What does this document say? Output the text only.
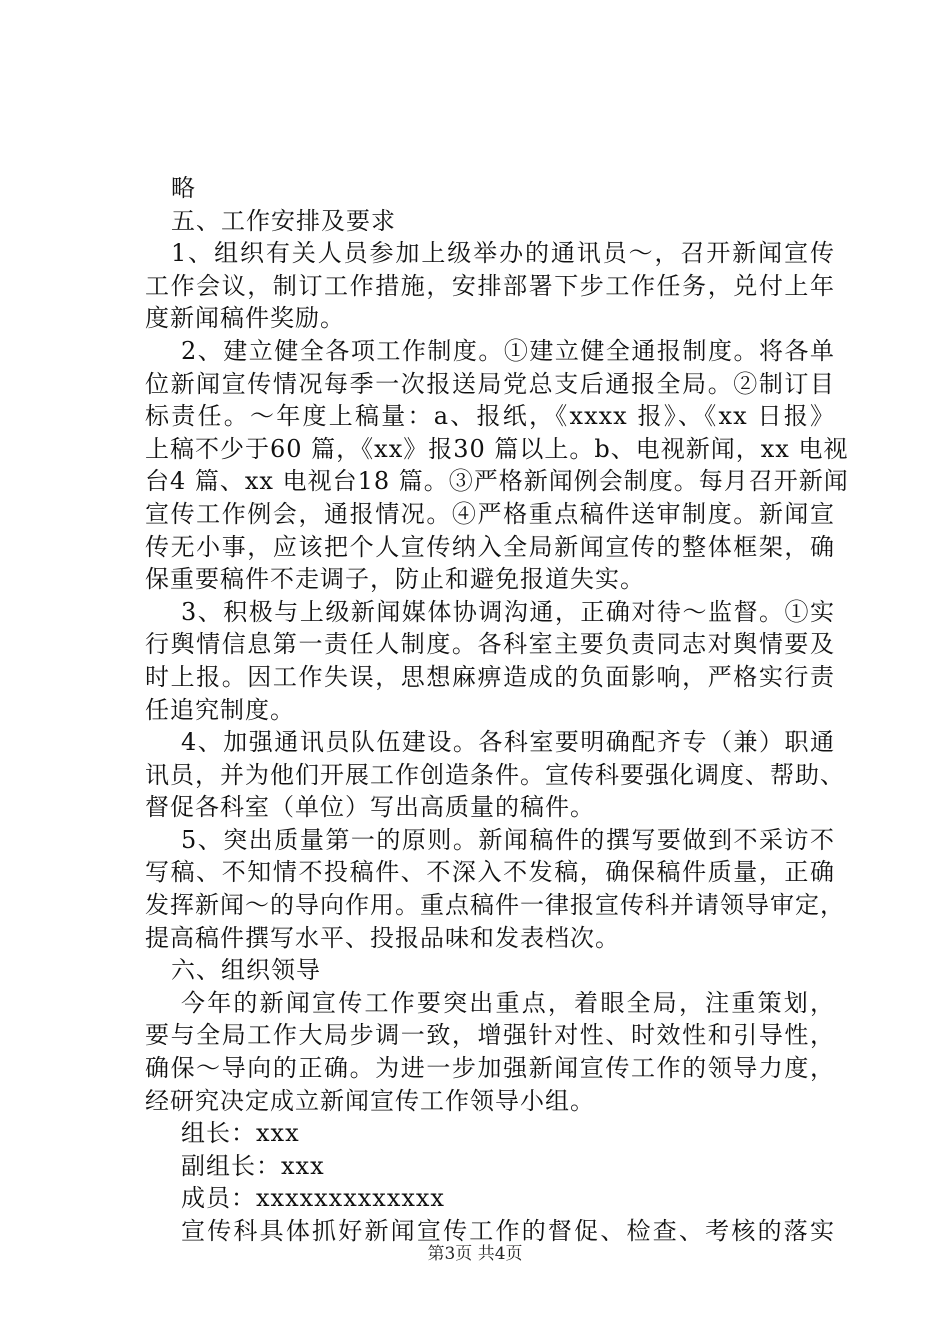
略
五、工作安排及要求
1、组织有关人员参加上级举办的通讯员～，召开新闻宣传
工作会议，制订工作措施，安排部署下步工作任务，兑付上年
度新闻稿件奖励。
2、建立健全各项工作制度。①建立健全通报制度。将各单
位新闻宣传情况每季一次报送局党总支后通报全局。②制订目
标责任。～年度上稿量：a、报纸，《xxxx 报》、《xx 日报》
上稿不少于60 篇，《xx》报30 篇以上。b、电视新闻，xx 电视
台4 篇、xx 电视台18 篇。③严格新闻例会制度。每月召开新闻
宣传工作例会，通报情况。④严格重点稿件送审制度。新闻宣
传无小事，应该把个人宣传纳入全局新闻宣传的整体框架，确
保重要稿件不走调子，防止和避免报道失实。
3、积极与上级新闻媒体协调沟通，正确对待～监督。①实
行舆情信息第一责任人制度。各科室主要负责同志对舆情要及
时上报。因工作失误，思想麻痹造成的负面影响，严格实行责
任追究制度。
4、加强通讯员队伍建设。各科室要明确配齐专（兼）职通
讯员，并为他们开展工作创造条件。宣传科要强化调度、帮助、
督促各科室（单位）写出高质量的稿件。
5、突出质量第一的原则。新闻稿件的撰写要做到不采访不
写稿、不知情不投稿件、不深入不发稿，确保稿件质量，正确
发挥新闻～的导向作用。重点稿件一律报宣传科并请领导审定，
提高稿件撰写水平、投报品味和发表档次。
六、组织领导
今年的新闻宣传工作要突出重点，着眼全局，注重策划，
要与全局工作大局步调一致，增强针对性、时效性和引导性，
确保～导向的正确。为进一步加强新闻宣传工作的领导力度，
经研究决定成立新闻宣传工作领导小组。
组长：xxx
副组长：xxx
成员：xxxxxxxxxxxxx
宣传科具体抓好新闻宣传工作的督促、检查、考核的落实
第3页 共4页
